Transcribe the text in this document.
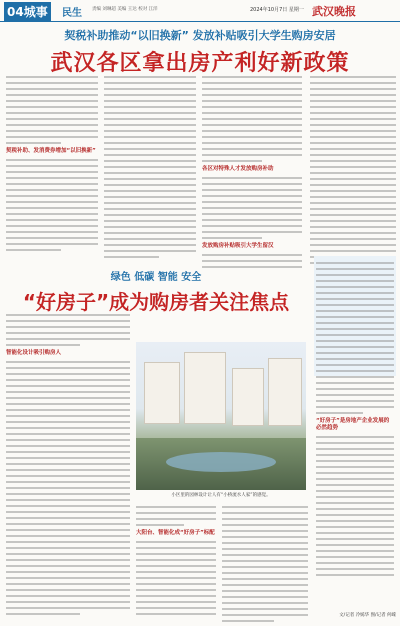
04城事	民生 责编 刘琳超 美编 王达 校对 江洋	2024年10月7日 星期一 武汉晚报
契税补助推动“以旧换新” 发放补贴吸引大学生购房安居
武汉各区拿出房产利好新政策
契税补助、发消费券增加“以旧换新”
各区对特殊人才发放购房补助
发放购房补贴吸引大学生留汉
绿色 低碳 智能 安全
“好房子”成为购房者关注焦点
智能化设计吸引购房人
小区里的园林设计让人有“小桥流水人家”的感觉。
大阳台、智能化成“好房子”标配
“好房子”是房地产企业发展的必然趋势
文/记者 冷嫣华 图/记者 何嵘
